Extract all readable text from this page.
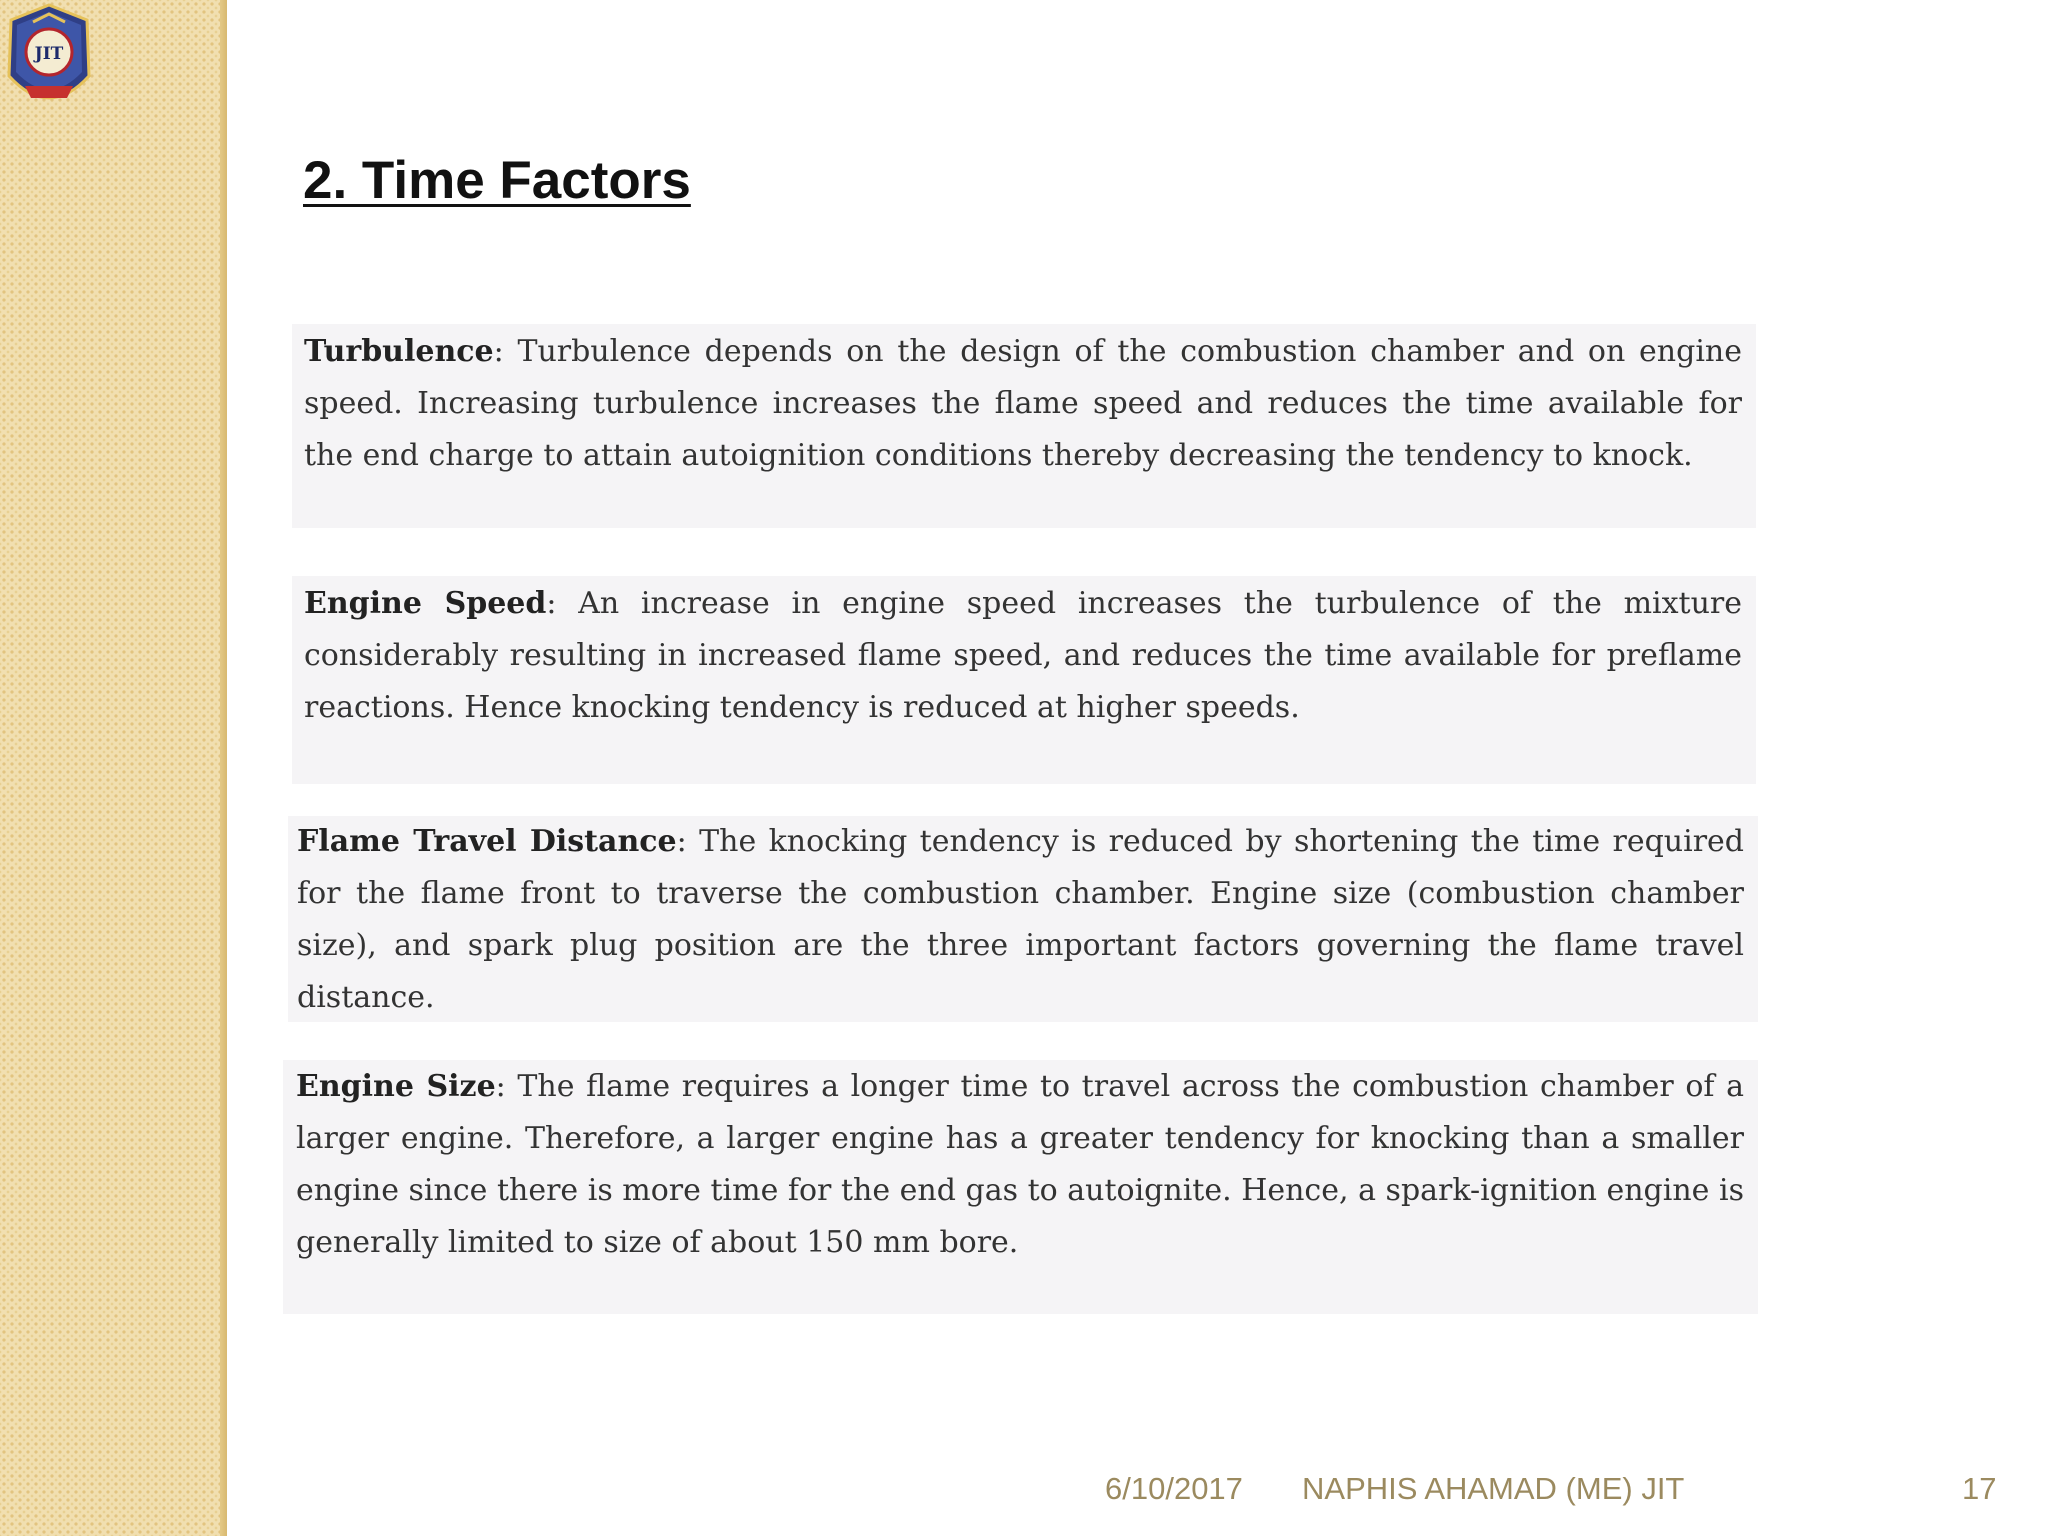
JIT
2. Time Factors
Turbulence: Turbulence depends on the design of the combustion chamber and on engine speed. Increasing turbulence increases the flame speed and reduces the time available for the end charge to attain autoignition conditions thereby decreasing the tendency to knock.
Engine Speed: An increase in engine speed increases the turbulence of the mixture considerably resulting in increased flame speed, and reduces the time available for preflame reactions. Hence knocking tendency is reduced at higher speeds.
Flame Travel Distance: The knocking tendency is reduced by shortening the time required for the flame front to traverse the combustion chamber. Engine size (combustion chamber size), and spark plug position are the three important factors governing the flame travel distance.
Engine Size: The flame requires a longer time to travel across the combustion chamber of a larger engine. Therefore, a larger engine has a greater tendency for knocking than a smaller engine since there is more time for the end gas to autoignite. Hence, a spark-ignition engine is generally limited to size of about 150 mm bore.
6/10/2017 NAPHIS AHAMAD (ME) JIT	17
